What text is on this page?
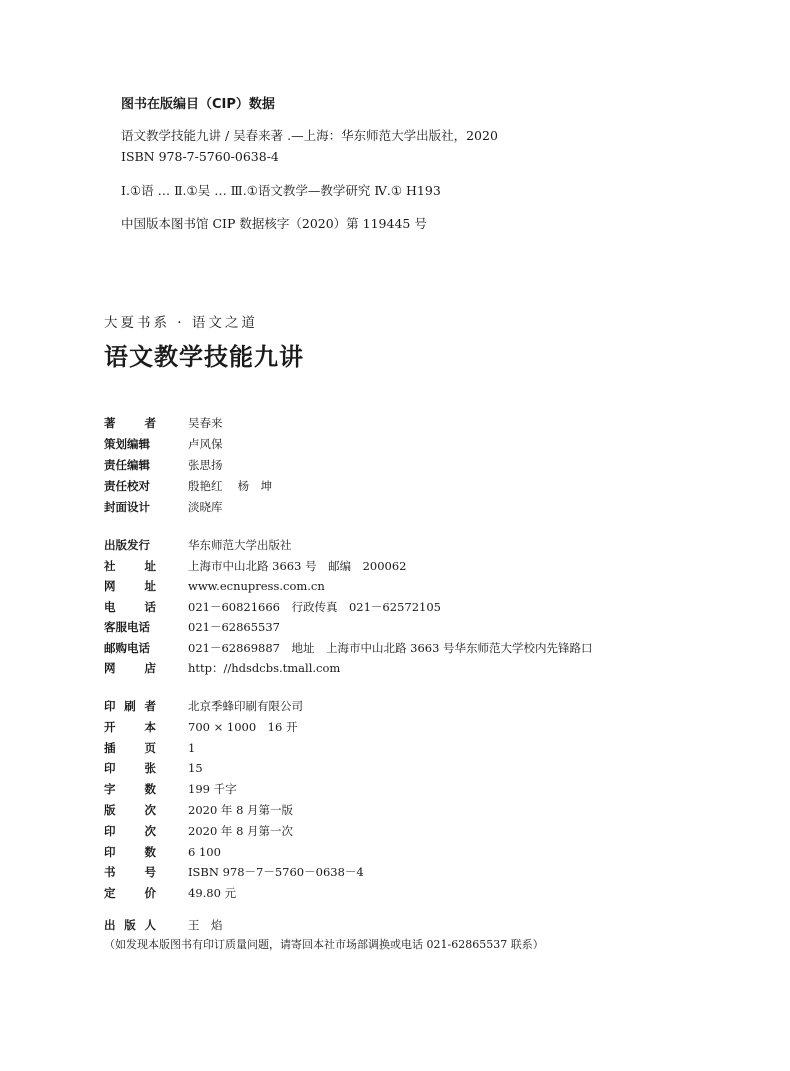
图书在版编目（CIP）数据
语文教学技能九讲 / 吴春来著 .—上海：华东师范大学出版社，2020
ISBN 978-7-5760-0638-4
Ⅰ.①语 … Ⅱ.①吴 … Ⅲ.①语文教学—教学研究 Ⅳ.① H193
中国版本图书馆 CIP 数据核字（2020）第 119445 号
大夏书系 · 语文之道
语文教学技能九讲
著	者	吴春来
策划编辑	卢风保
责任编辑	张思扬
责任校对	殷艳红　 杨　坤
封面设计	淡晓库
出版发行	华东师范大学出版社
社	址	上海市中山北路 3663 号　邮编　200062
网	址	www.ecnupress.com.cn
电	话	021－60821666　行政传真　021－62572105
客服电话	021－62865537
邮购电话	021－62869887　地址　上海市中山北路 3663 号华东师范大学校内先锋路口
网	店	http：//hdsdcbs.tmall.com
印 刷 者	北京季蜂印刷有限公司
开	本	700 × 1000　16 开
插	页	1
印	张	15
字	数	199 千字
版	次	2020 年 8 月第一版
印	次	2020 年 8 月第一次
印	数	6 100
书	号	ISBN 978－7－5760－0638－4
定	价	49.80 元
出 版 人	王　焰
（如发现本版图书有印订质量问题，请寄回本社市场部调换或电话 021-62865537 联系）
